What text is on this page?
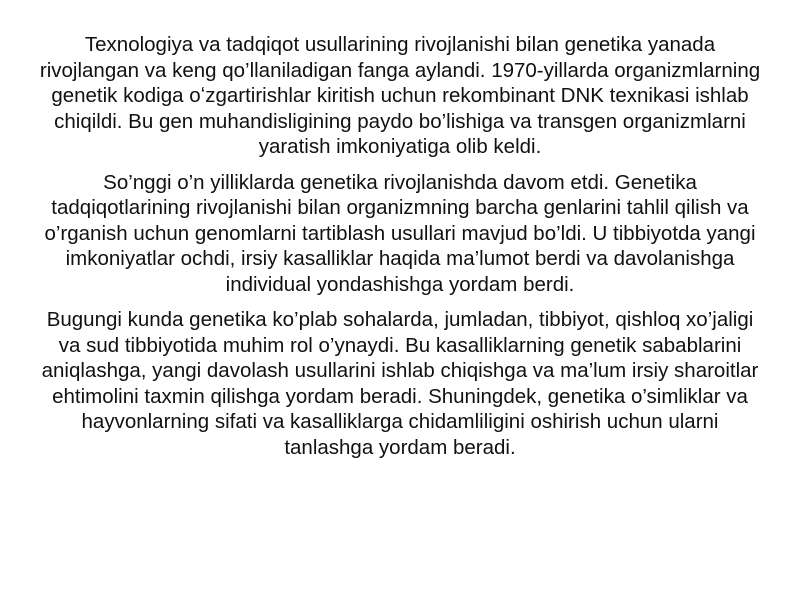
Texnologiya va tadqiqot usullarining rivojlanishi bilan genetika yanada rivojlangan va keng qo’llaniladigan fanga aylandi. 1970-yillarda organizmlarning genetik kodiga oʻzgartirishlar kiritish uchun rekombinant DNK texnikasi ishlab chiqildi. Bu gen muhandisligining paydo bo’lishiga va transgen organizmlarni yaratish imkoniyatiga olib keldi.

So’nggi o’n yilliklarda genetika rivojlanishda davom etdi. Genetika tadqiqotlarining rivojlanishi bilan organizmning barcha genlarini tahlil qilish va o’rganish uchun genomlarni tartiblash usullari mavjud bo’ldi. U tibbiyotda yangi imkoniyatlar ochdi, irsiy kasalliklar haqida ma’lumot berdi va davolanishga individual yondashishga yordam berdi.

Bugungi kunda genetika ko’plab sohalarda, jumladan, tibbiyot, qishloq xo’jaligi va sud tibbiyotida muhim rol o’ynaydi. Bu kasalliklarning genetik sabablarini aniqlashga, yangi davolash usullarini ishlab chiqishga va ma’lum irsiy sharoitlar ehtimolini taxmin qilishga yordam beradi. Shuningdek, genetika o’simliklar va hayvonlarning sifati va kasalliklarga chidamliligini oshirish uchun ularni tanlashga yordam beradi.
